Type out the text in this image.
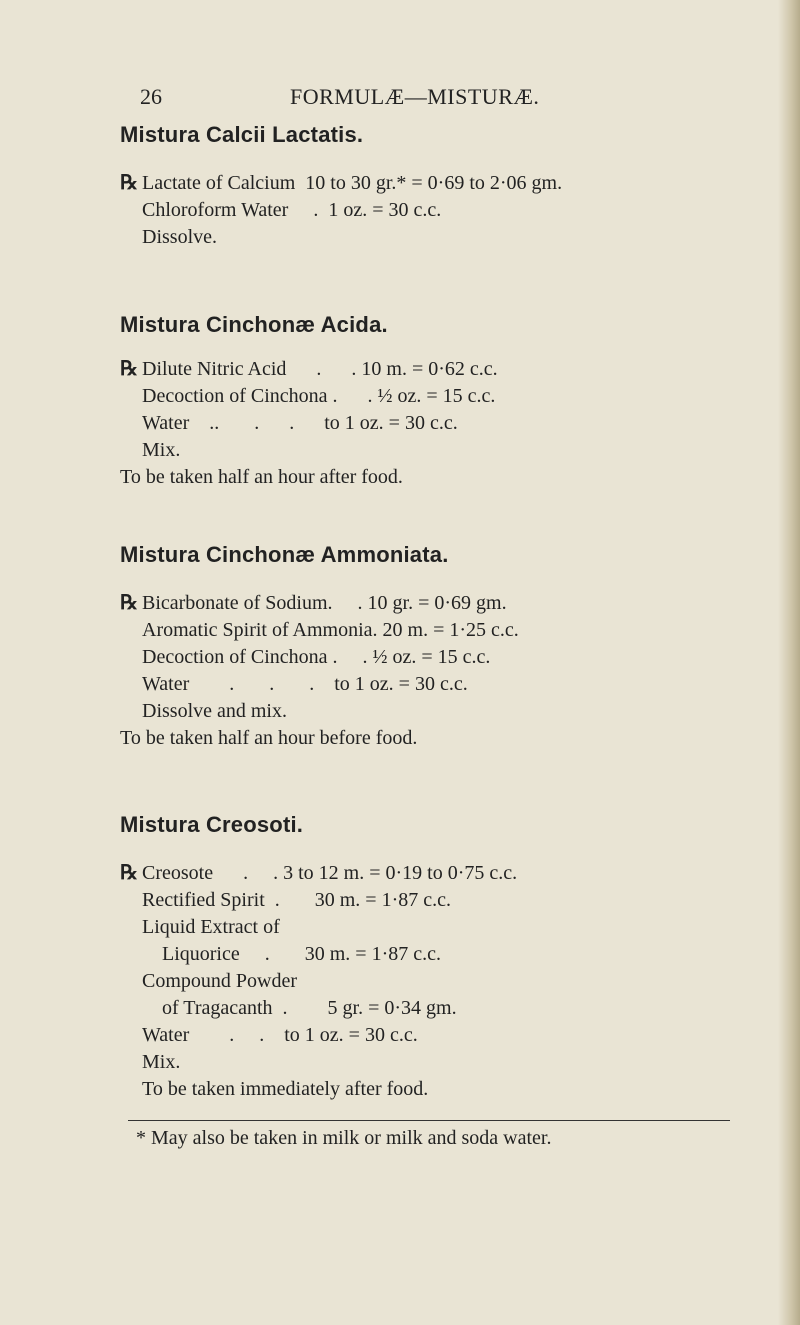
26	FORMULÆ—MISTURÆ.
Mistura Calcii Lactatis.
℞ Lactate of Calcium  10 to 30 gr.* = 0·69 to 2·06 gm.
Chloroform Water     .  1 oz. = 30 c.c.
Dissolve.
Mistura Cinchonæ Acida.
℞ Dilute Nitric Acid      .      . 10 m. = 0·62 c.c.
Decoction of Cinchona .      . ½ oz. = 15 c.c.
Water    ..       .      .      to 1 oz. = 30 c.c.
Mix.
To be taken half an hour after food.
Mistura Cinchonæ Ammoniata.
℞ Bicarbonate of Sodium.     . 10 gr. = 0·69 gm.
Aromatic Spirit of Ammonia. 20 m. = 1·25 c.c.
Decoction of Cinchona .     . ½ oz. = 15 c.c.
Water        .       .       .    to 1 oz. = 30 c.c.
Dissolve and mix.
To be taken half an hour before food.
Mistura Creosoti.
℞ Creosote      .     . 3 to 12 m. = 0·19 to 0·75 c.c.
Rectified Spirit  .       30 m. = 1·87 c.c.
Liquid Extract of
Liquorice     .       30 m. = 1·87 c.c.
Compound Powder
of Tragacanth  .        5 gr. = 0·34 gm.
Water        .     .    to 1 oz. = 30 c.c.
Mix.
To be taken immediately after food.
* May also be taken in milk or milk and soda water.
